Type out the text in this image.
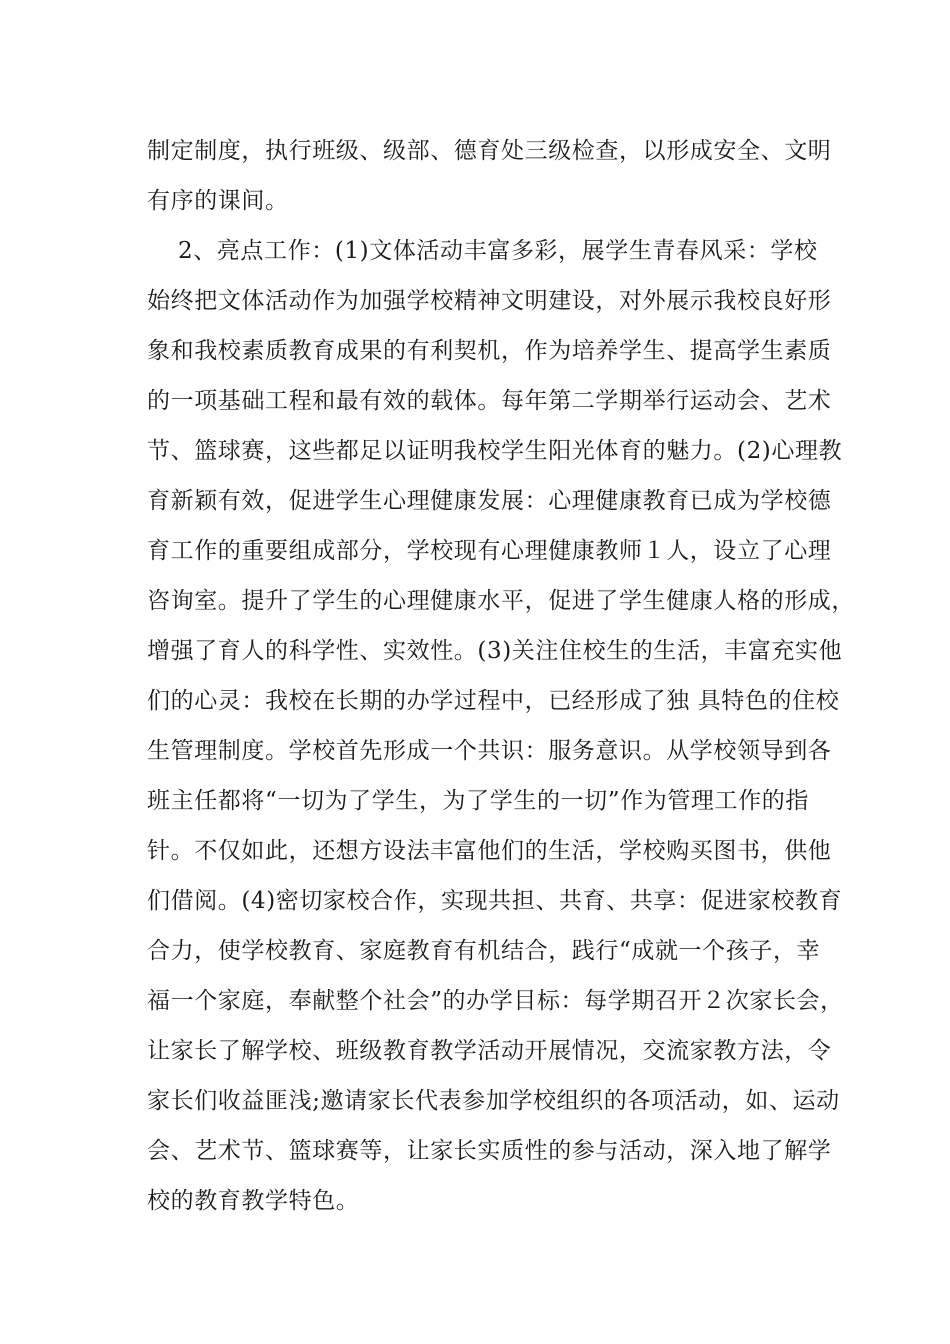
制定制度，执行班级、级部、德育处三级检查，以形成安全、文明
有序的课间。
2、亮点工作：(1)文体活动丰富多彩，展学生青春风采：学校
始终把文体活动作为加强学校精神文明建设，对外展示我校良好形
象和我校素质教育成果的有利契机，作为培养学生、提高学生素质
的一项基础工程和最有效的载体。每年第二学期举行运动会、艺术
节、篮球赛，这些都足以证明我校学生阳光体育的魅力。(2)心理教
育新颖有效，促进学生心理健康发展：心理健康教育已成为学校德
育工作的重要组成部分，学校现有心理健康教师１人，设立了心理
咨询室。提升了学生的心理健康水平，促进了学生健康人格的形成，
增强了育人的科学性、实效性。(3)关注住校生的生活，丰富充实他
们的心灵：我校在长期的办学过程中，已经形成了独 具特色的住校
生管理制度。学校首先形成一个共识：服务意识。从学校领导到各
班主任都将“一切为了学生，为了学生的一切”作为管理工作的指
针。不仅如此，还想方设法丰富他们的生活，学校购买图书，供他
们借阅。(4)密切家校合作，实现共担、共育、共享：促进家校教育
合力，使学校教育、家庭教育有机结合，践行“成就一个孩子，幸
福一个家庭，奉献整个社会”的办学目标：每学期召开２次家长会，
让家长了解学校、班级教育教学活动开展情况，交流家教方法，令
家长们收益匪浅;邀请家长代表参加学校组织的各项活动，如、运动
会、艺术节、篮球赛等，让家长实质性的参与活动，深入地了解学
校的教育教学特色。
